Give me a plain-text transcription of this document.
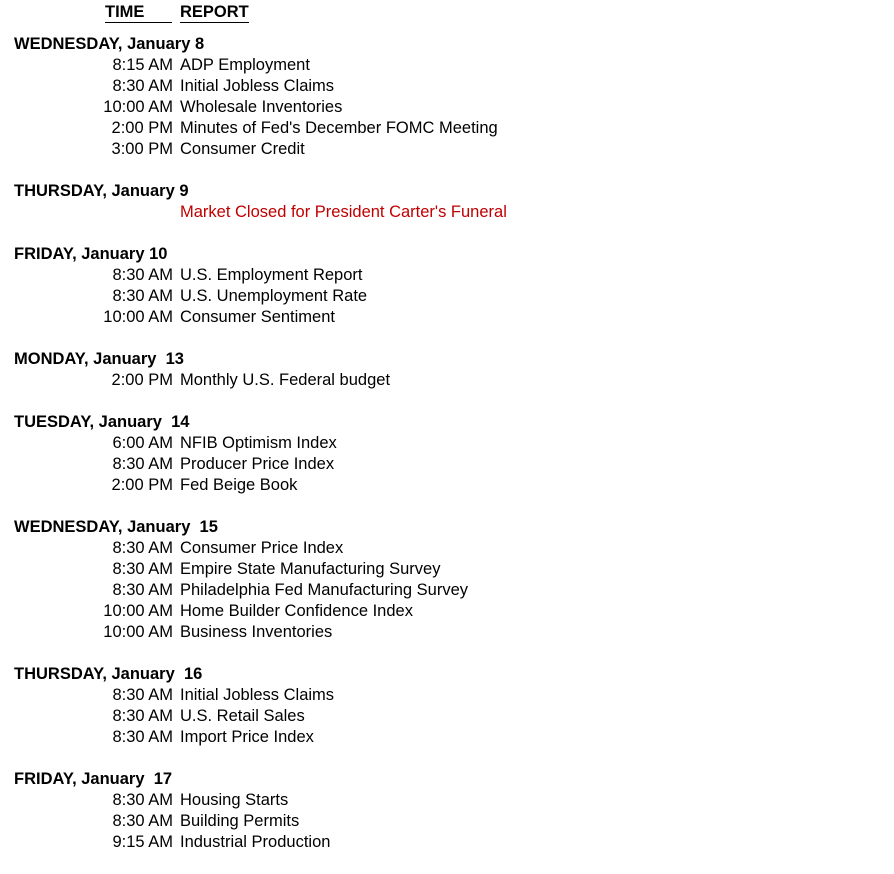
TIME	REPORT
WEDNESDAY, January 8
8:15 AM ADP Employment
8:30 AM Initial Jobless Claims
10:00 AM Wholesale Inventories
2:00 PM Minutes of Fed's December FOMC Meeting
3:00 PM Consumer Credit
THURSDAY, January 9
Market Closed for President Carter's Funeral
FRIDAY, January 10
8:30 AM U.S. Employment Report
8:30 AM U.S. Unemployment Rate
10:00 AM Consumer Sentiment
MONDAY, January  13
2:00 PM Monthly U.S. Federal budget
TUESDAY, January  14
6:00 AM NFIB Optimism Index
8:30 AM Producer Price Index
2:00 PM Fed Beige Book
WEDNESDAY, January  15
8:30 AM Consumer Price Index
8:30 AM Empire State Manufacturing Survey
8:30 AM Philadelphia Fed Manufacturing Survey
10:00 AM Home Builder Confidence Index
10:00 AM Business Inventories
THURSDAY, January  16
8:30 AM Initial Jobless Claims
8:30 AM U.S. Retail Sales
8:30 AM Import Price Index
FRIDAY, January  17
8:30 AM Housing Starts
8:30 AM Building Permits
9:15 AM Industrial Production
